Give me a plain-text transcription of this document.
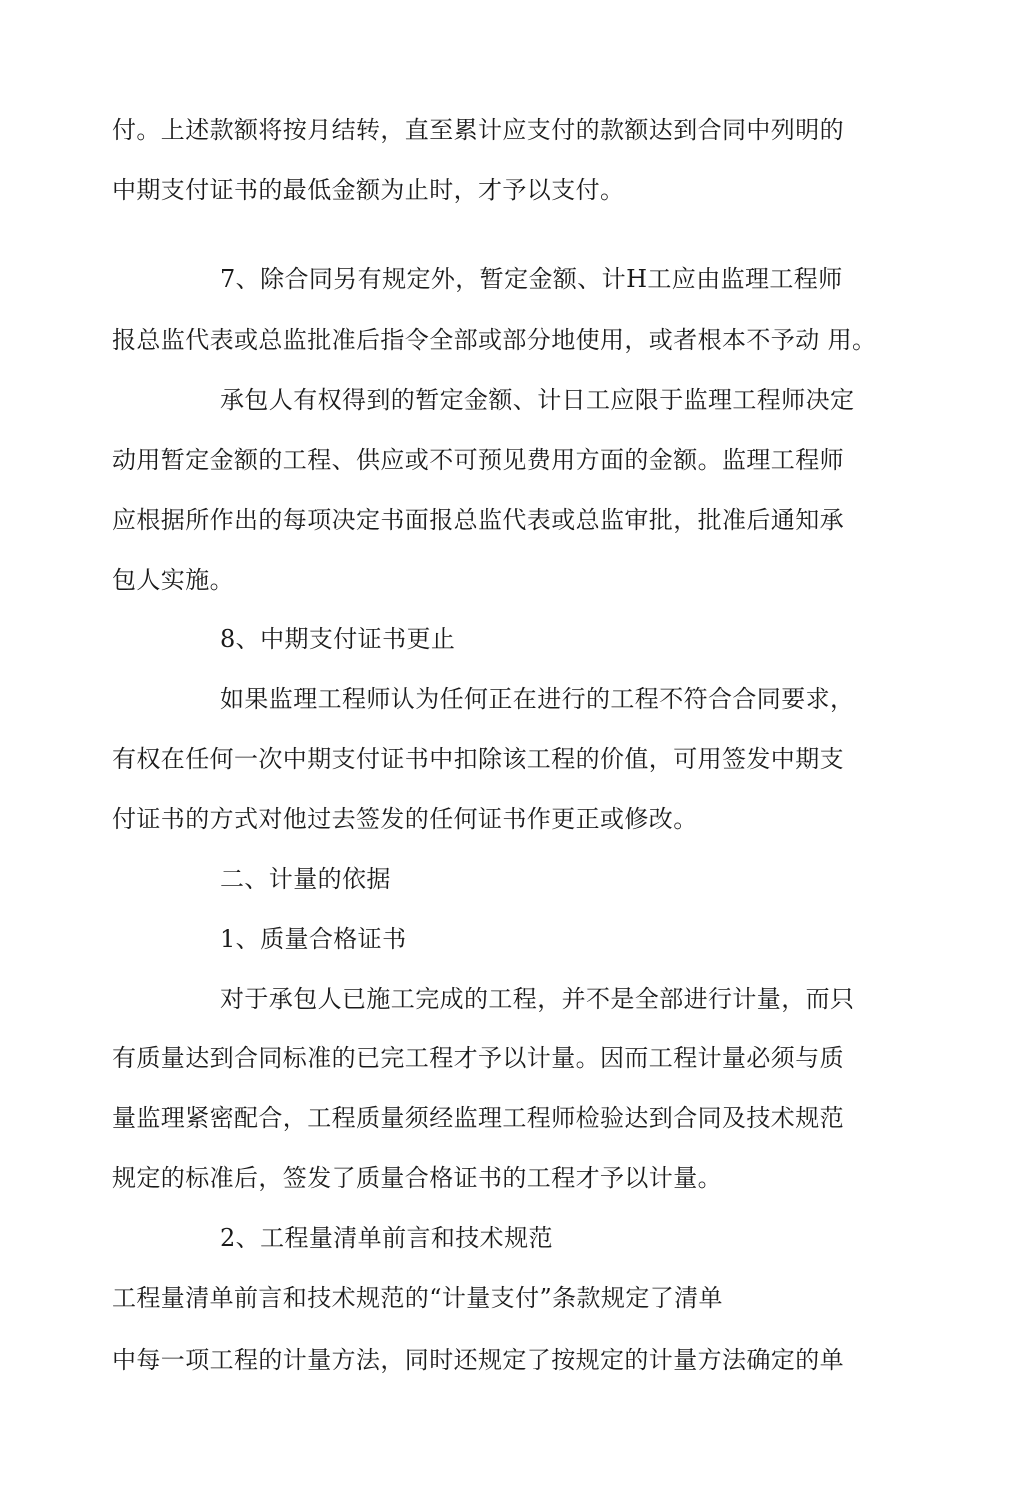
付。上述款额将按月结转，直至累计应支付的款额达到合同中列明的
中期支付证书的最低金额为止时，才予以支付。
7、除合同另有规定外，暂定金额、计H工应由监理工程师
报总监代表或总监批准后指令全部或部分地使用，或者根本不予动 用。
承包人有权得到的暂定金额、计日工应限于监理工程师决定
动用暂定金额的工程、供应或不可预见费用方面的金额。监理工程师
应根据所作出的每项决定书面报总监代表或总监审批，批准后通知承
包人实施。
8、中期支付证书更止
如果监理工程师认为任何正在进行的工程不符合合同要求，
有权在任何一次中期支付证书中扣除该工程的价值，可用签发中期支
付证书的方式对他过去签发的任何证书作更正或修改。
二、计量的依据
1、质量合格证书
对于承包人已施工完成的工程，并不是全部进行计量，而只
有质量达到合同标准的已完工程才予以计量。因而工程计量必须与质
量监理紧密配合，工程质量须经监理工程师检验达到合同及技术规范
规定的标准后，签发了质量合格证书的工程才予以计量。
2、工程量清单前言和技术规范
工程量清单前言和技术规范的“计量支付”条款规定了清单
中每一项工程的计量方法，同时还规定了按规定的计量方法确定的单
